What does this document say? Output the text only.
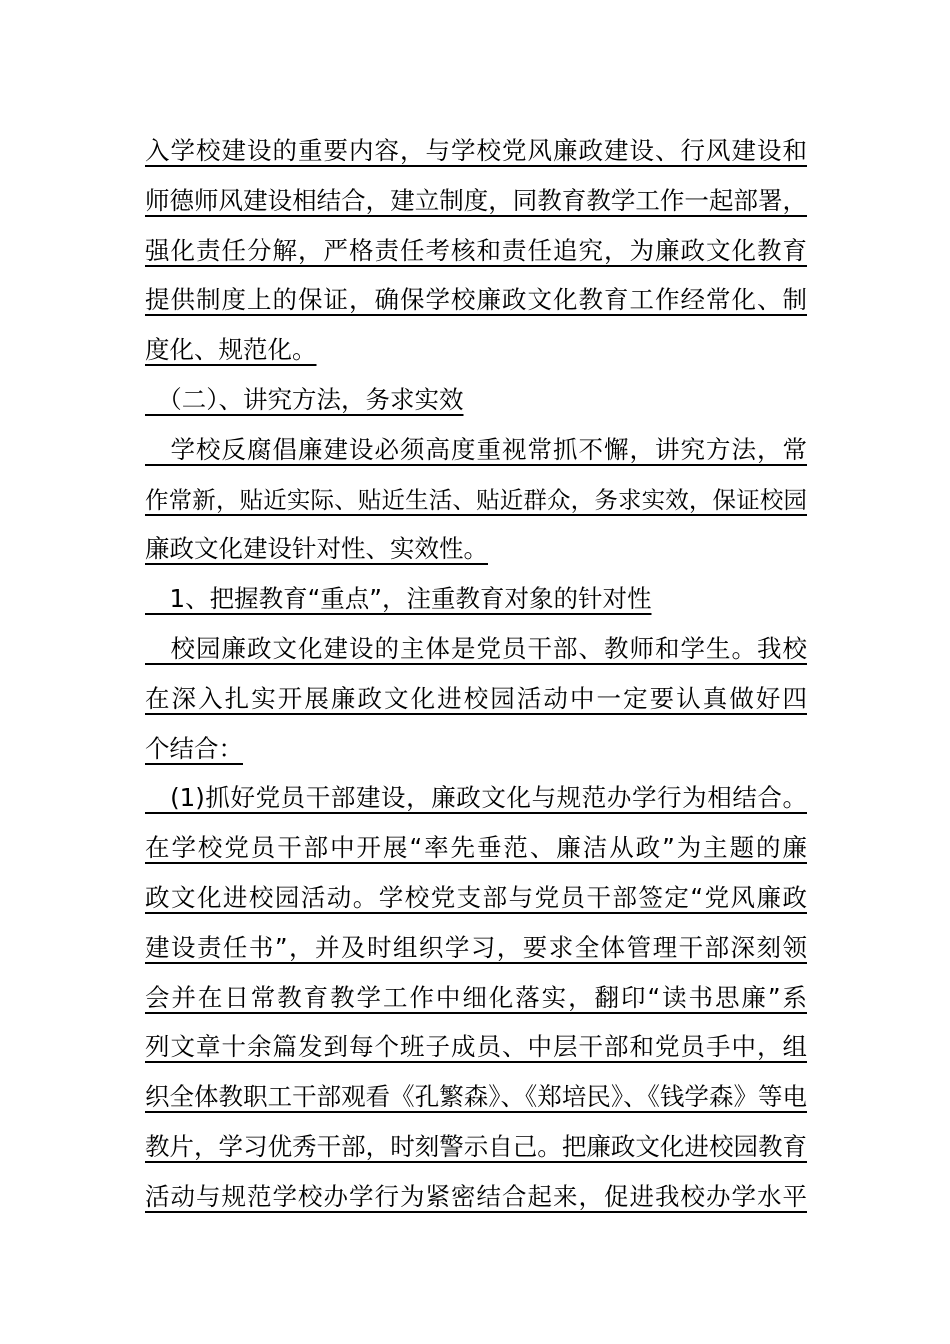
入学校建设的重要内容，与学校党风廉政建设、行风建设和
师德师风建设相结合，建立制度，同教育教学工作一起部署，
强化责任分解，严格责任考核和责任追究，为廉政文化教育
提供制度上的保证，确保学校廉政文化教育工作经常化、制
度化、规范化。
　（二）、讲究方法，务求实效
　学校反腐倡廉建设必须高度重视常抓不懈，讲究方法，常
作常新，贴近实际、贴近生活、贴近群众，务求实效，保证校园
廉政文化建设针对性、实效性。
　1、把握教育“重点”，注重教育对象的针对性
　校园廉政文化建设的主体是党员干部、教师和学生。我校
在深入扎实开展廉政文化进校园活动中一定要认真做好四
个结合：
　(1)抓好党员干部建设，廉政文化与规范办学行为相结合。
在学校党员干部中开展“率先垂范、廉洁从政”为主题的廉
政文化进校园活动。学校党支部与党员干部签定“党风廉政
建设责任书”，并及时组织学习，要求全体管理干部深刻领
会并在日常教育教学工作中细化落实，翻印“读书思廉”系
列文章十余篇发到每个班子成员、中层干部和党员手中，组
织全体教职工干部观看《孔繁森》、《郑培民》、《钱学森》等电
教片，学习优秀干部，时刻警示自己。把廉政文化进校园教育
活动与规范学校办学行为紧密结合起来，促进我校办学水平
